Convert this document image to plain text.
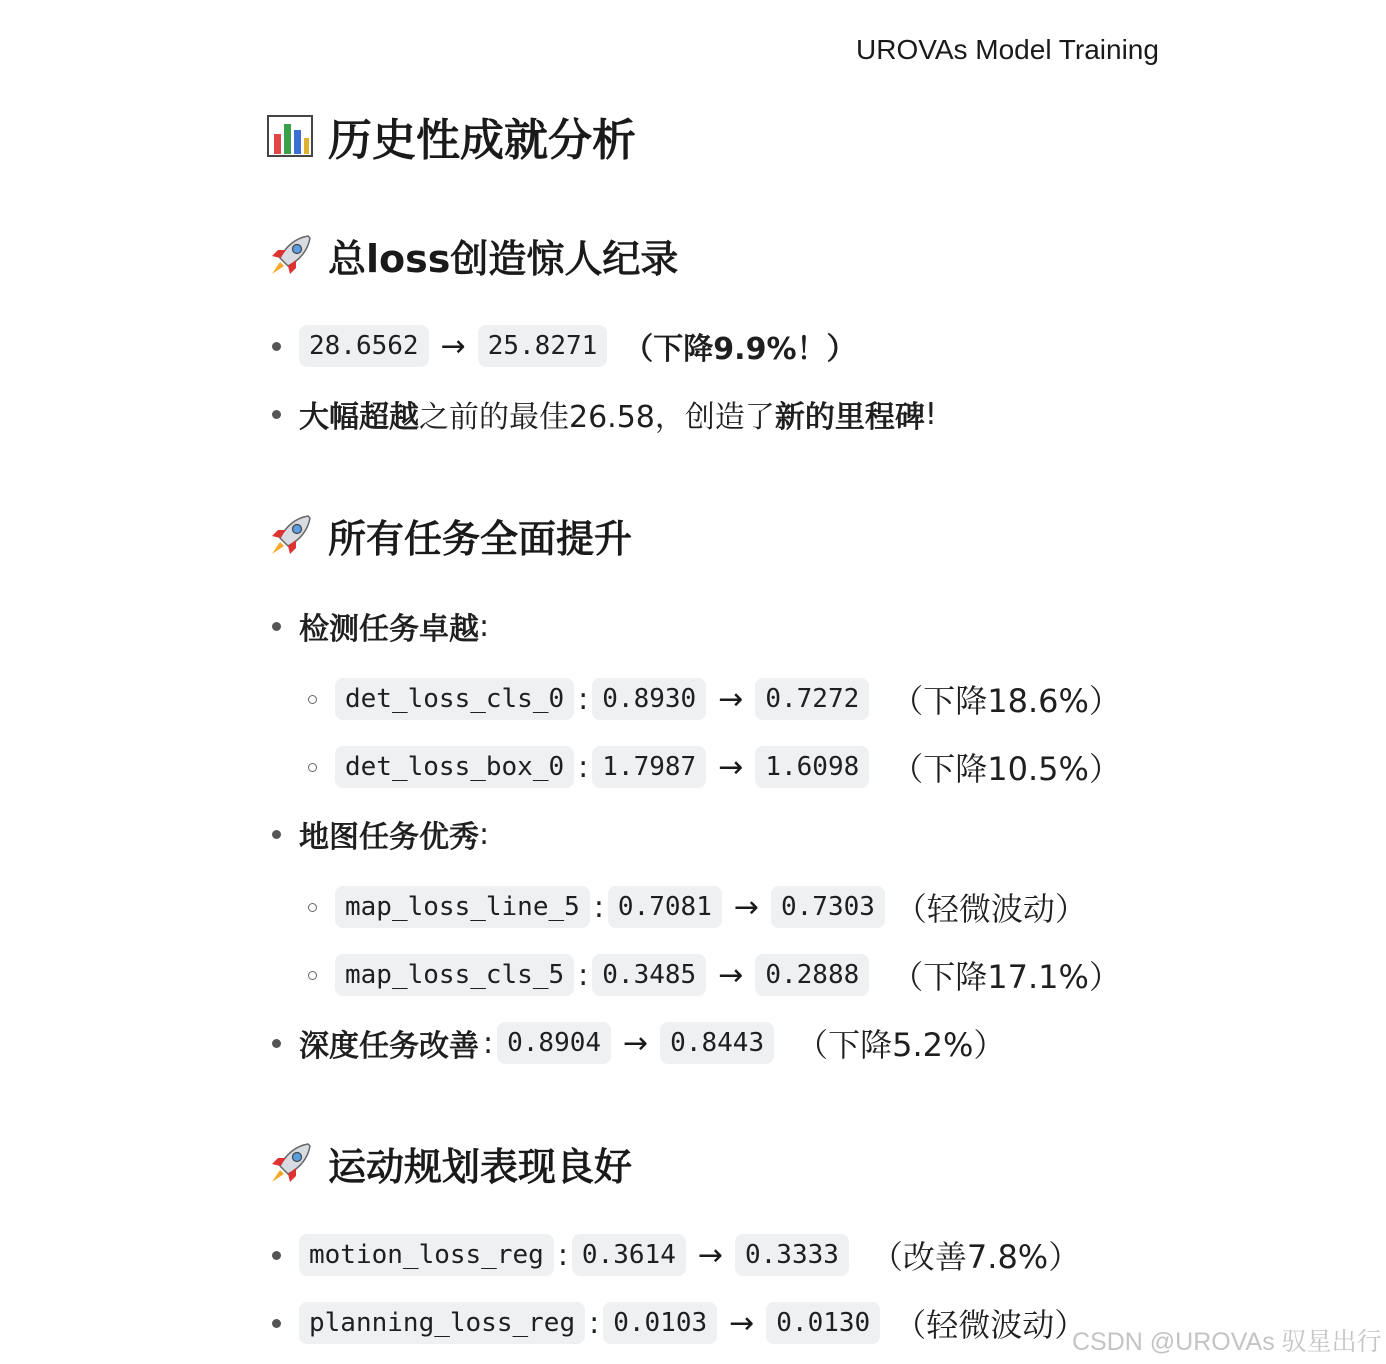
UROVAs Model Training
历史性成就分析
总loss创造惊人纪录
28.6562 → 25.8271 （下降9.9%！）
大幅超越 之前的最佳26.58，创造了 新的里程碑 !
所有任务全面提升
检测任务卓越 :
det_loss_cls_0 : 0.8930 → 0.7272	（下降18.6%）
det_loss_box_0 : 1.7987 → 1.6098	（下降10.5%）
地图任务优秀 :
map_loss_line_5 : 0.7081 → 0.7303 （轻微波动）
map_loss_cls_5 : 0.3485 → 0.2888	（下降17.1%）
深度任务改善 : 0.8904 → 0.8443	（下降5.2%）
运动规划表现良好
motion_loss_reg : 0.3614 → 0.3333	（改善7.8%）
planning_loss_reg : 0.0103 → 0.0130 （轻微波动）
CSDN @UROVAs 驭星出行
